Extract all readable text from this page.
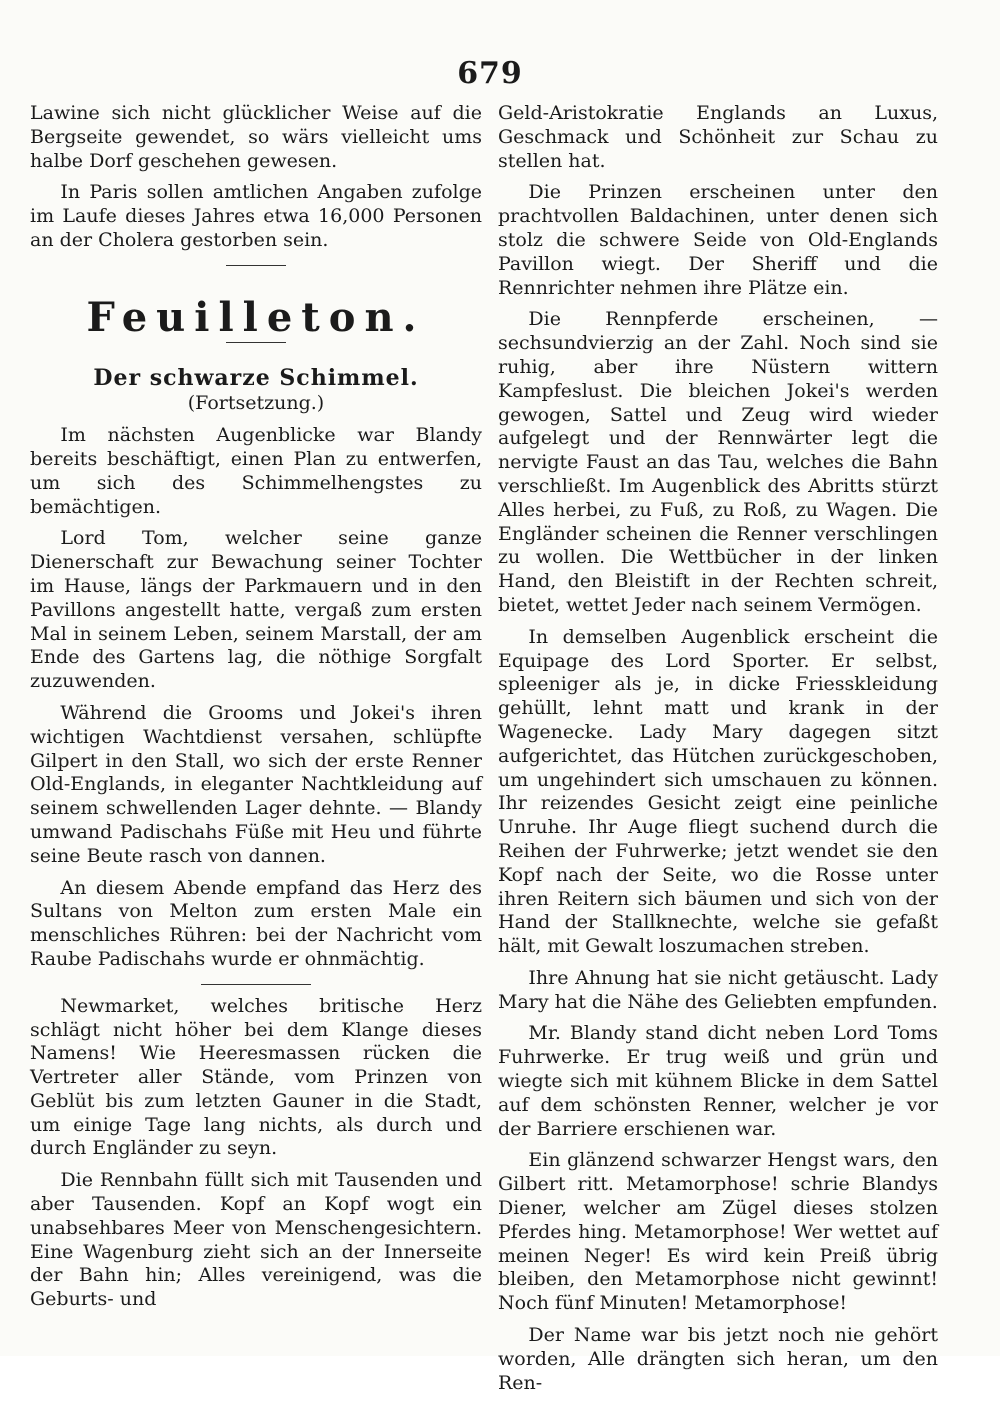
679

Lawine sich nicht glücklicher Weise auf die Bergseite gewendet, so wärs vielleicht ums halbe Dorf geschehen gewesen.

In Paris sollen amtlichen Angaben zufolge im Laufe dieses Jahres etwa 16,000 Personen an der Cholera gestorben sein.

Feuilleton.
Der schwarze Schimmel.
(Fortsetzung.)

Im nächsten Augenblicke war Blandy bereits beschäftigt, einen Plan zu entwerfen, um sich des Schimmelhengstes zu bemächtigen.

Lord Tom, welcher seine ganze Dienerschaft zur Bewachung seiner Tochter im Hause, längs der Parkmauern und in den Pavillons angestellt hatte, vergaß zum ersten Mal in seinem Leben, seinem Marstall, der am Ende des Gartens lag, die nöthige Sorgfalt zuzuwenden.

Während die Grooms und Jokei's ihren wichtigen Wachtdienst versahen, schlüpfte Gilpert in den Stall, wo sich der erste Renner Old-Englands, in eleganter Nachtkleidung auf seinem schwellenden Lager dehnte. — Blandy umwand Padischahs Füße mit Heu und führte seine Beute rasch von dannen.

An diesem Abende empfand das Herz des Sultans von Melton zum ersten Male ein menschliches Rühren: bei der Nachricht vom Raube Padischahs wurde er ohnmächtig.

Newmarket, welches britische Herz schlägt nicht höher bei dem Klange dieses Namens! Wie Heeresmassen rücken die Vertreter aller Stände, vom Prinzen von Geblüt bis zum letzten Gauner in die Stadt, um einige Tage lang nichts, als durch und durch Engländer zu seyn.

Die Rennbahn füllt sich mit Tausenden und aber Tausenden. Kopf an Kopf wogt ein unabsehbares Meer von Menschengesichtern. Eine Wagenburg zieht sich an der Innerseite der Bahn hin; Alles vereinigend, was die Geburts- und

Geld-Aristokratie Englands an Luxus, Geschmack und Schönheit zur Schau zu stellen hat.

Die Prinzen erscheinen unter den prachtvollen Baldachinen, unter denen sich stolz die schwere Seide von Old-Englands Pavillon wiegt. Der Sheriff und die Rennrichter nehmen ihre Plätze ein.

Die Rennpferde erscheinen, — sechsundvierzig an der Zahl. Noch sind sie ruhig, aber ihre Nüstern wittern Kampfeslust. Die bleichen Jokei's werden gewogen, Sattel und Zeug wird wieder aufgelegt und der Rennwärter legt die nervigte Faust an das Tau, welches die Bahn verschließt. Im Augenblick des Abritts stürzt Alles herbei, zu Fuß, zu Roß, zu Wagen. Die Engländer scheinen die Renner verschlingen zu wollen. Die Wettbücher in der linken Hand, den Bleistift in der Rechten schreit, bietet, wettet Jeder nach seinem Vermögen.

In demselben Augenblick erscheint die Equipage des Lord Sporter. Er selbst, spleeniger als je, in dicke Friesskleidung gehüllt, lehnt matt und krank in der Wagenecke. Lady Mary dagegen sitzt aufgerichtet, das Hütchen zurückgeschoben, um ungehindert sich umschauen zu können. Ihr reizendes Gesicht zeigt eine peinliche Unruhe. Ihr Auge fliegt suchend durch die Reihen der Fuhrwerke; jetzt wendet sie den Kopf nach der Seite, wo die Rosse unter ihren Reitern sich bäumen und sich von der Hand der Stallknechte, welche sie gefaßt hält, mit Gewalt loszumachen streben.

Ihre Ahnung hat sie nicht getäuscht. Lady Mary hat die Nähe des Geliebten empfunden.

Mr. Blandy stand dicht neben Lord Toms Fuhrwerke. Er trug weiß und grün und wiegte sich mit kühnem Blicke in dem Sattel auf dem schönsten Renner, welcher je vor der Barriere erschienen war.

Ein glänzend schwarzer Hengst wars, den Gilbert ritt. Metamorphose! schrie Blandys Diener, welcher am Zügel dieses stolzen Pferdes hing. Metamorphose! Wer wettet auf meinen Neger! Es wird kein Preiß übrig bleiben, den Metamorphose nicht gewinnt! Noch fünf Minuten! Metamorphose!

Der Name war bis jetzt noch nie gehört worden, Alle drängten sich heran, um den Ren-
